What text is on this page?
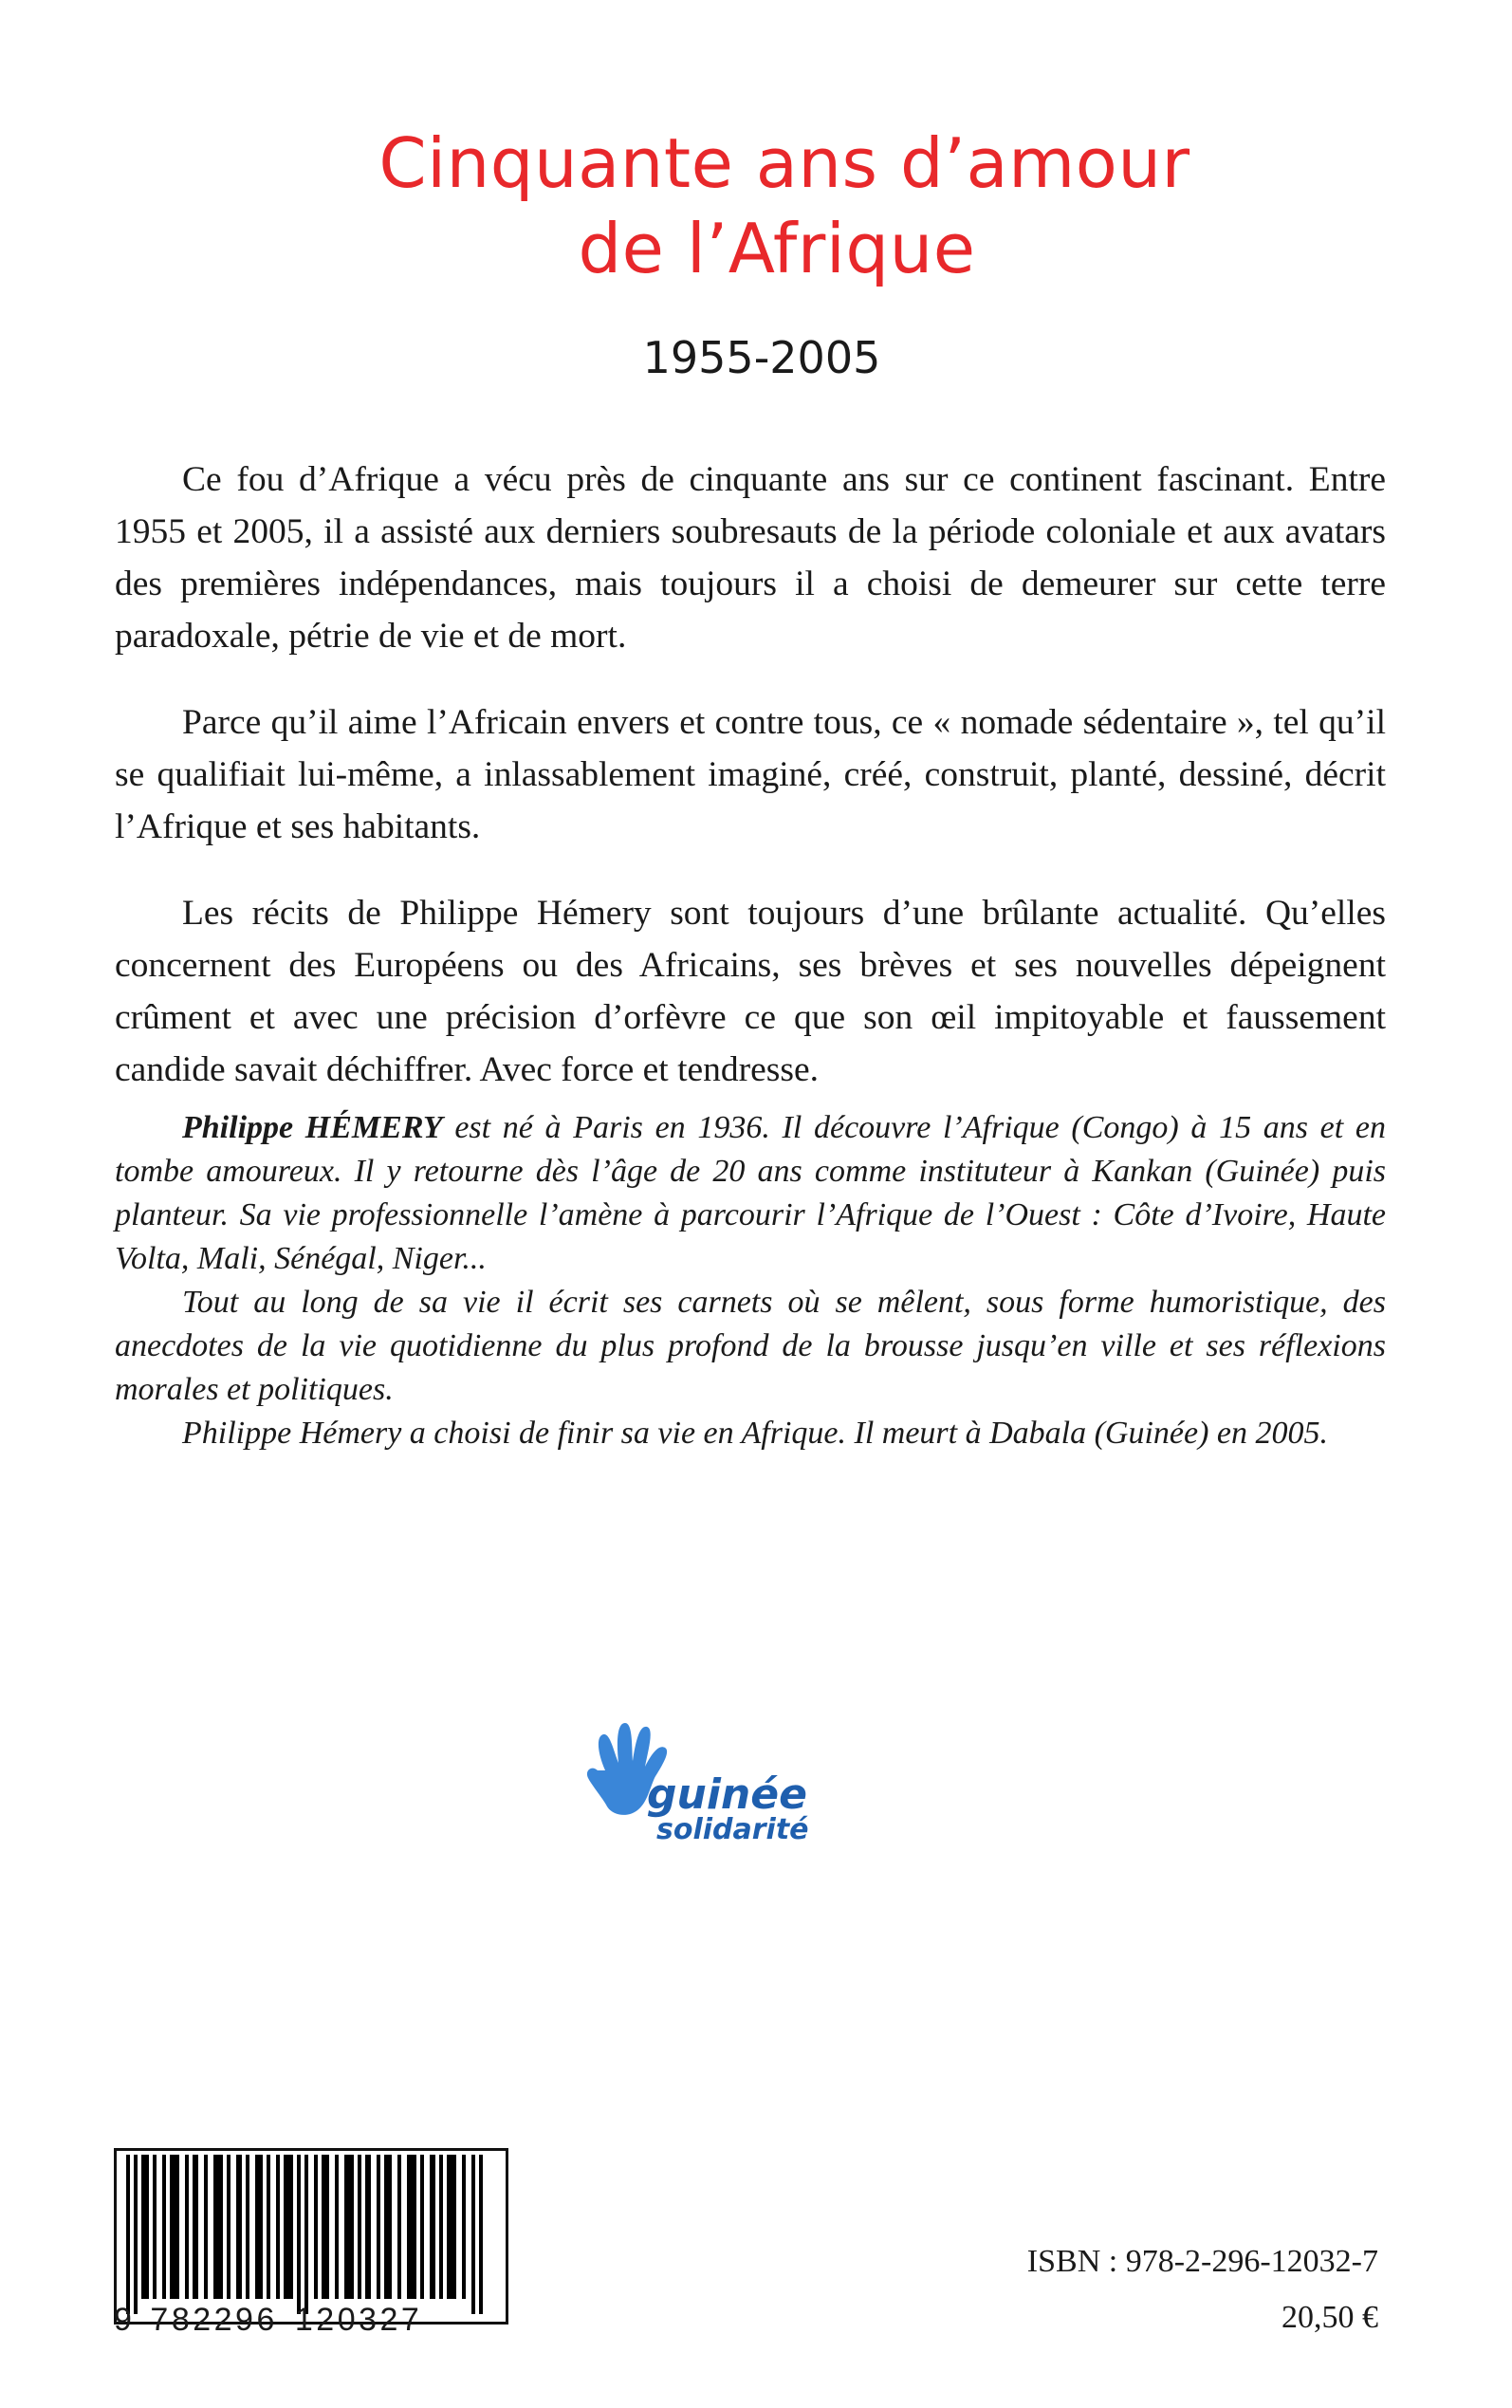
Cinquante ans d’amour
de l’Afrique
1955-2005

Ce fou d’Afrique a vécu près de cinquante ans sur ce continent fascinant. Entre 1955 et 2005, il a assisté aux derniers soubresauts de la période coloniale et aux avatars des premières indépendances, mais toujours il a choisi de demeurer sur cette terre paradoxale, pétrie de vie et de mort.

Parce qu’il aime l’Africain envers et contre tous, ce « nomade sédentaire », tel qu’il se qualifiait lui-même, a inlassablement imaginé, créé, construit, planté, dessiné, décrit l’Afrique et ses habitants.

Les récits de Philippe Hémery sont toujours d’une brûlante actualité. Qu’elles concernent des Européens ou des Africains, ses brèves et ses nouvelles dépeignent crûment et avec une précision d’orfèvre ce que son œil impitoyable et faussement candide savait déchiffrer. Avec force et tendresse.

Philippe HÉMERY est né à Paris en 1936. Il découvre l’Afrique (Congo) à 15 ans et en tombe amoureux. Il y retourne dès l’âge de 20 ans comme instituteur à Kankan (Guinée) puis planteur. Sa vie professionnelle l’amène à parcourir l’Afrique de l’Ouest : Côte d’Ivoire, Haute Volta, Mali, Sénégal, Niger...

Tout au long de sa vie il écrit ses carnets où se mêlent, sous forme humoristique, des anecdotes de la vie quotidienne du plus profond de la brousse jusqu’en ville et ses réflexions morales et politiques.

Philippe Hémery a choisi de finir sa vie en Afrique. Il meurt à Dabala (Guinée) en 2005.

guinée
solidarité
9 782296 120327
ISBN : 978-2-296-12032-7
20,50 €
